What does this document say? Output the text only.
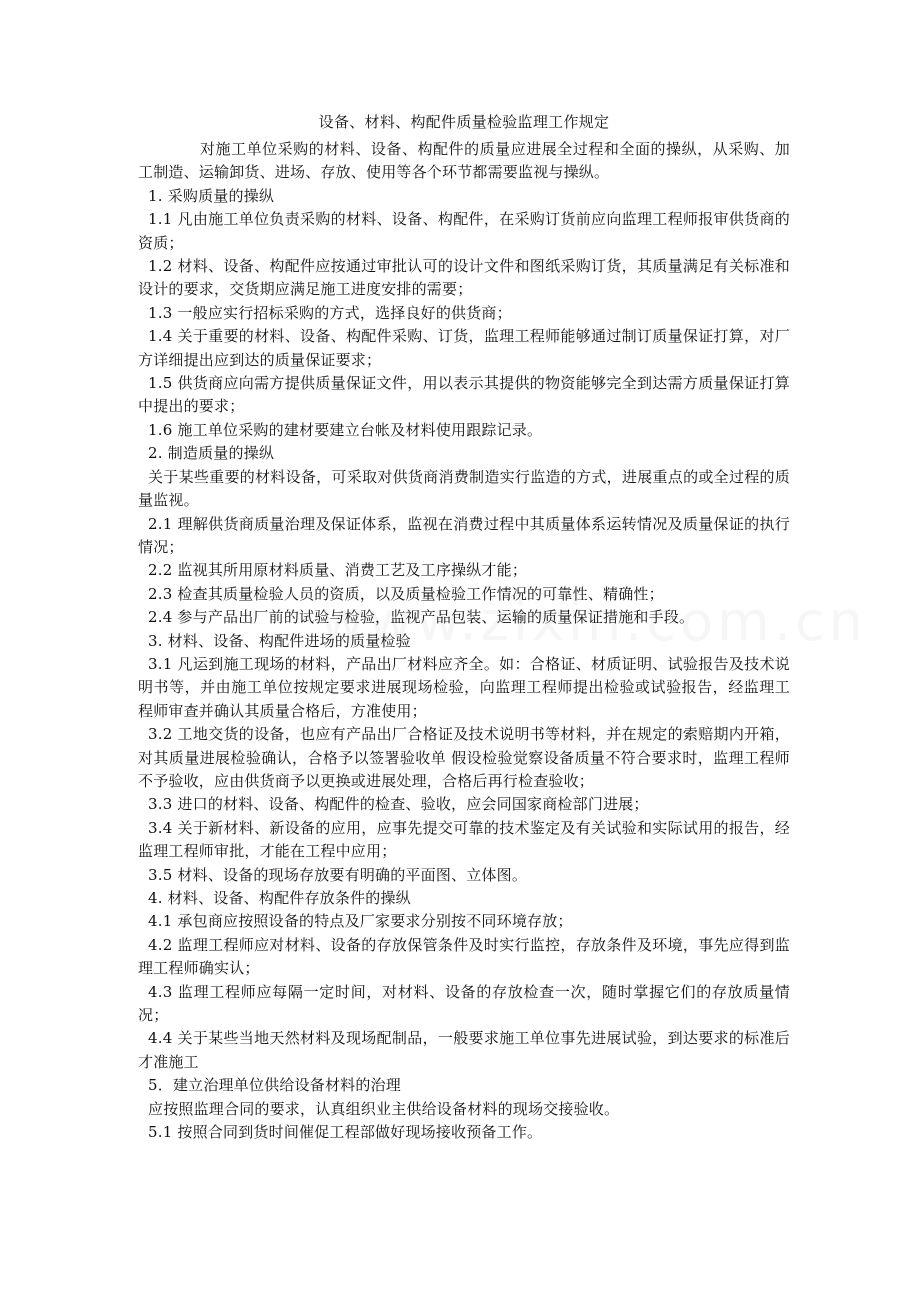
设备、材料、构配件质量检验监理工作规定

对施工单位采购的材料、设备、构配件的质量应进展全过程和全面的操纵，从采购、加工制造、运输卸货、进场、存放、使用等各个环节都需要监视与操纵。

1. 采购质量的操纵

1.1 凡由施工单位负责采购的材料、设备、构配件，在采购订货前应向监理工程师报审供货商的资质；

1.2 材料、设备、构配件应按通过审批认可的设计文件和图纸采购订货，其质量满足有关标准和设计的要求，交货期应满足施工进度安排的需要；

1.3 一般应实行招标采购的方式，选择良好的供货商；

1.4 关于重要的材料、设备、构配件采购、订货，监理工程师能够通过制订质量保证打算，对厂方详细提出应到达的质量保证要求；

1.5 供货商应向需方提供质量保证文件，用以表示其提供的物资能够完全到达需方质量保证打算中提出的要求；

1.6 施工单位采购的建材要建立台帐及材料使用跟踪记录。

2. 制造质量的操纵

关于某些重要的材料设备，可采取对供货商消费制造实行监造的方式，进展重点的或全过程的质量监视。

2.1 理解供货商质量治理及保证体系，监视在消费过程中其质量体系运转情况及质量保证的执行情况；

2.2 监视其所用原材料质量、消费工艺及工序操纵才能；

2.3 检查其质量检验人员的资质，以及质量检验工作情况的可靠性、精确性；

2.4 参与产品出厂前的试验与检验，监视产品包装、运输的质量保证措施和手段。

3. 材料、设备、构配件进场的质量检验

3.1 凡运到施工现场的材料，产品出厂材料应齐全。如：合格证、材质证明、试验报告及技术说明书等，并由施工单位按规定要求进展现场检验，向监理工程师提出检验或试验报告，经监理工程师审查并确认其质量合格后，方准使用；

3.2 工地交货的设备，也应有产品出厂合格证及技术说明书等材料，并在规定的索赔期内开箱，对其质量进展检验确认，合格予以签署验收单 假设检验觉察设备质量不符合要求时，监理工程师不予验收，应由供货商予以更换或进展处理，合格后再行检查验收；

3.3 进口的材料、设备、构配件的检查、验收，应会同国家商检部门进展；

3.4 关于新材料、新设备的应用，应事先提交可靠的技术鉴定及有关试验和实际试用的报告，经监理工程师审批，才能在工程中应用；

3.5 材料、设备的现场存放要有明确的平面图、立体图。

4. 材料、设备、构配件存放条件的操纵

4.1 承包商应按照设备的特点及厂家要求分别按不同环境存放；

4.2 监理工程师应对材料、设备的存放保管条件及时实行监控，存放条件及环境，事先应得到监理工程师确实认；

4.3 监理工程师应每隔一定时间，对材料、设备的存放检查一次，随时掌握它们的存放质量情况；

4.4 关于某些当地天然材料及现场配制品，一般要求施工单位事先进展试验，到达要求的标准后才准施工

5．建立治理单位供给设备材料的治理

应按照监理合同的要求，认真组织业主供给设备材料的现场交接验收。

5.1 按照合同到货时间催促工程部做好现场接收预备工作。
